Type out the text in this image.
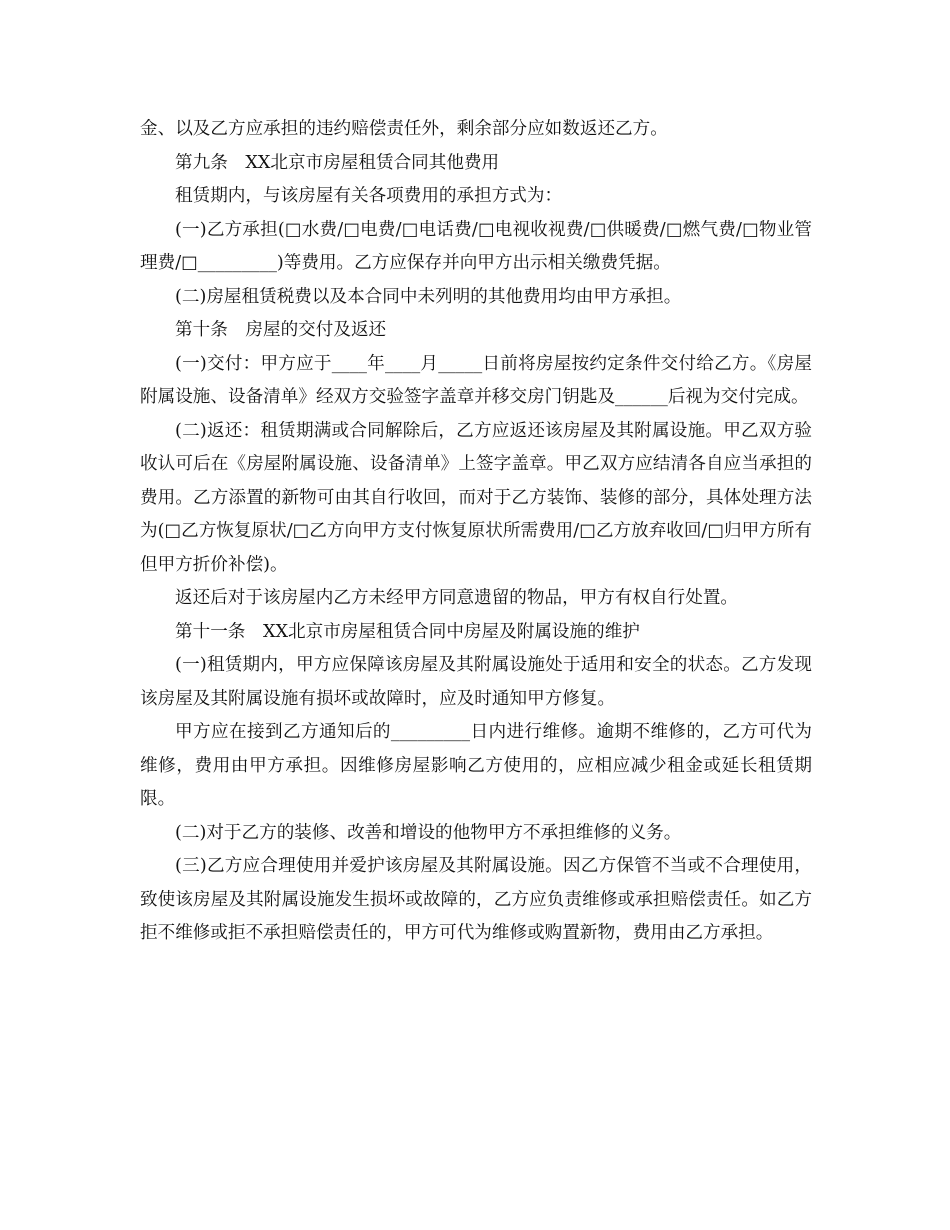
金、以及乙方应承担的违约赔偿责任外，剩余部分应如数返还乙方。

第九条　XX北京市房屋租赁合同其他费用

租赁期内，与该房屋有关各项费用的承担方式为：

(一)乙方承担(□水费/□电费/□电话费/□电视收视费/□供暖费/□燃气费/□物业管理费/□_________)等费用。乙方应保存并向甲方出示相关缴费凭据。

(二)房屋租赁税费以及本合同中未列明的其他费用均由甲方承担。

第十条　房屋的交付及返还

(一)交付：甲方应于____年____月_____日前将房屋按约定条件交付给乙方。《房屋附属设施、设备清单》经双方交验签字盖章并移交房门钥匙及______后视为交付完成。

(二)返还：租赁期满或合同解除后，乙方应返还该房屋及其附属设施。甲乙双方验收认可后在《房屋附属设施、设备清单》上签字盖章。甲乙双方应结清各自应当承担的费用。乙方添置的新物可由其自行收回，而对于乙方装饰、装修的部分，具体处理方法为(□乙方恢复原状/□乙方向甲方支付恢复原状所需费用/□乙方放弃收回/□归甲方所有但甲方折价补偿)。

返还后对于该房屋内乙方未经甲方同意遗留的物品，甲方有权自行处置。

第十一条　XX北京市房屋租赁合同中房屋及附属设施的维护

(一)租赁期内，甲方应保障该房屋及其附属设施处于适用和安全的状态。乙方发现该房屋及其附属设施有损坏或故障时，应及时通知甲方修复。

甲方应在接到乙方通知后的_________日内进行维修。逾期不维修的，乙方可代为维修，费用由甲方承担。因维修房屋影响乙方使用的，应相应减少租金或延长租赁期限。

(二)对于乙方的装修、改善和增设的他物甲方不承担维修的义务。

(三)乙方应合理使用并爱护该房屋及其附属设施。因乙方保管不当或不合理使用，致使该房屋及其附属设施发生损坏或故障的，乙方应负责维修或承担赔偿责任。如乙方拒不维修或拒不承担赔偿责任的，甲方可代为维修或购置新物，费用由乙方承担。
